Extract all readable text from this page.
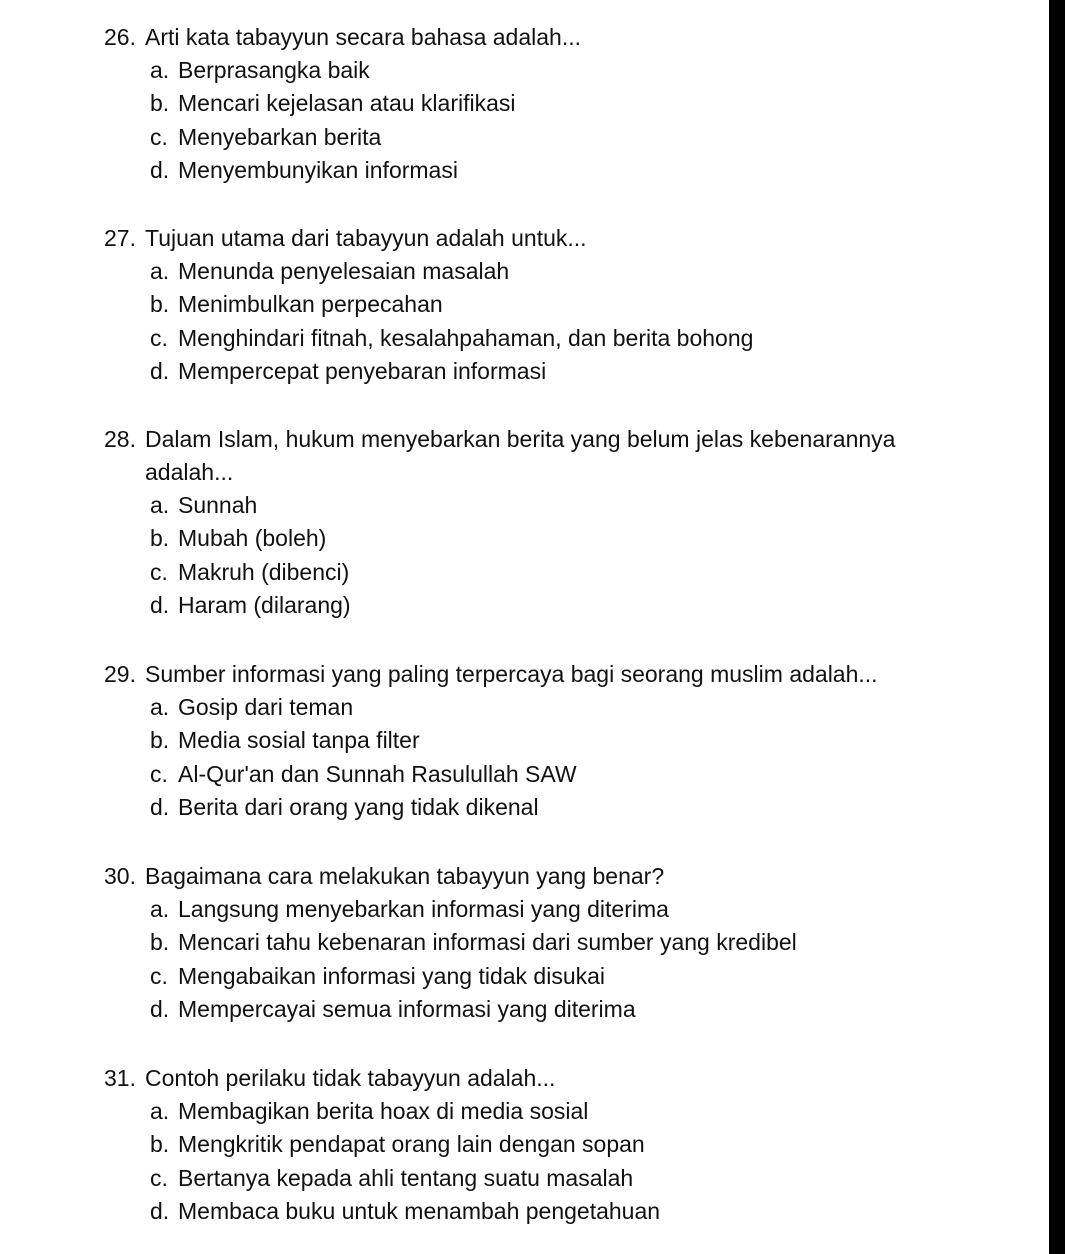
26. Arti kata tabayyun secara bahasa adalah...
a. Berprasangka baik
b. Mencari kejelasan atau klarifikasi
c. Menyebarkan berita
d. Menyembunyikan informasi
27. Tujuan utama dari tabayyun adalah untuk...
a. Menunda penyelesaian masalah
b. Menimbulkan perpecahan
c. Menghindari fitnah, kesalahpahaman, dan berita bohong
d. Mempercepat penyebaran informasi
28. Dalam Islam, hukum menyebarkan berita yang belum jelas kebenarannya
adalah...
a. Sunnah
b. Mubah (boleh)
c. Makruh (dibenci)
d. Haram (dilarang)
29. Sumber informasi yang paling terpercaya bagi seorang muslim adalah...
a. Gosip dari teman
b. Media sosial tanpa filter
c. Al-Qur'an dan Sunnah Rasulullah SAW
d. Berita dari orang yang tidak dikenal
30. Bagaimana cara melakukan tabayyun yang benar?
a. Langsung menyebarkan informasi yang diterima
b. Mencari tahu kebenaran informasi dari sumber yang kredibel
c. Mengabaikan informasi yang tidak disukai
d. Mempercayai semua informasi yang diterima
31. Contoh perilaku tidak tabayyun adalah...
a. Membagikan berita hoax di media sosial
b. Mengkritik pendapat orang lain dengan sopan
c. Bertanya kepada ahli tentang suatu masalah
d. Membaca buku untuk menambah pengetahuan
